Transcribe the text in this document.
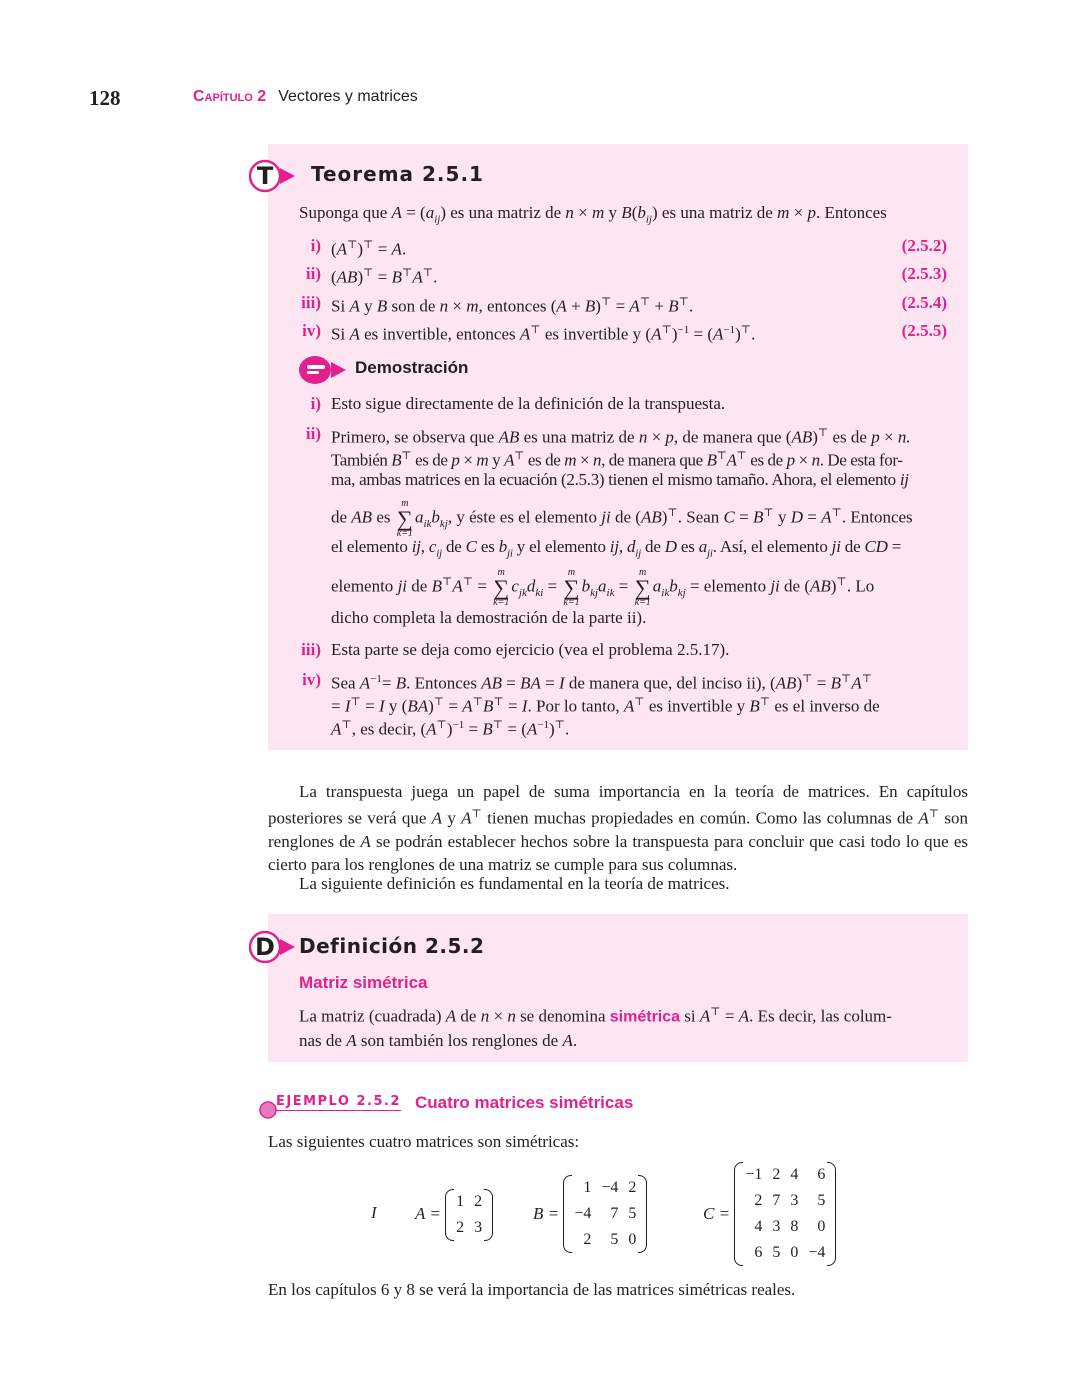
128	Capítulo 2 Vectores y matrices
T Teorema 2.5.1
Suponga que $A = (a_{ij})$ es una matriz de n × m y $B(b_{ij})$ es una matriz de m × p. Entonces
i) (A⊤)⊤ = A.	(2.5.2)
ii) (AB)⊤ = B⊤A⊤.	(2.5.3)
iii) Si A y B son de n × m, entonces (A + B)⊤ = A⊤ + B⊤.	(2.5.4)
iv) Si A es invertible, entonces A⊤ es invertible y $(A^⊤)^{-1} = (A^{-1})^⊤$.	(2.5.5)
Demostración
i) Esto sigue directamente de la definición de la transpuesta.
ii) Primero, se observa que AB es una matriz de n × p, de manera que (AB)⊤ es de p × n.
También B⊤ es de p × m y A⊤ es de m × n, de manera que B⊤A⊤ es de p × n. De esta for-
ma, ambas matrices en la ecuación (2.5.3) tienen el mismo tamaño. Ahora, el elemento ij
de AB es
m
∑
k=1
$a_{ik}b_{kj}$, y éste es el elemento ji de (AB)⊤. Sean C = B⊤ y D = A⊤. Entonces
el elemento ij, $c_{ij}$ de C es $b_{ji}$ y el elemento ij, $d_{ij}$ de D es $a_{ji}$. Así, el elemento ji de CD =
elemento ji de B⊤A⊤ =
m
∑
k=1
$c_{jk}d_{ki}$ =
m
∑
k=1
$b_{kj}a_{ik}$ =
m
∑
k=1
$a_{ik}b_{kj}$ = elemento ji de (AB)⊤. Lo
dicho completa la demostración de la parte ii).
iii) Esta parte se deja como ejercicio (vea el problema 2.5.17).
iv) Sea $A^{-1}= B$. Entonces AB = BA = I de manera que, del inciso ii), (AB)⊤ = B⊤A⊤
= I⊤ = I y (BA)⊤ = A⊤B⊤ = I. Por lo tanto, A⊤ es invertible y B⊤ es el inverso de
A⊤, es decir, $(A^⊤)^{-1} = B^⊤ = (A^{-1})^⊤$.
La transpuesta juega un papel de suma importancia en la teoría de matrices. En capítulos posteriores se verá que A y A⊤ tienen muchas propiedades en común. Como las columnas de A⊤ son renglones de A se podrán establecer hechos sobre la transpuesta para concluir que casi todo lo que es cierto para los renglones de una matriz se cumple para sus columnas.
La siguiente definición es fundamental en la teoría de matrices.
D Definición 2.5.2
Matriz simétrica
La matriz (cuadrada) A de n × n se denomina simétrica si A⊤ = A. Es decir, las colum-
nas de A son también los renglones de A.
EJEMPLO 2.5.2 Cuatro matrices simétricas
Las siguientes cuatro matrices son simétricas:
I A =
1	2
2	3
B =
1	−4	2
−4	7	5
2	5	0
C =
−1	2	4	6
2	7	3	5
4	3	8	0
6	5	0	−4
En los capítulos 6 y 8 se verá la importancia de las matrices simétricas reales.
